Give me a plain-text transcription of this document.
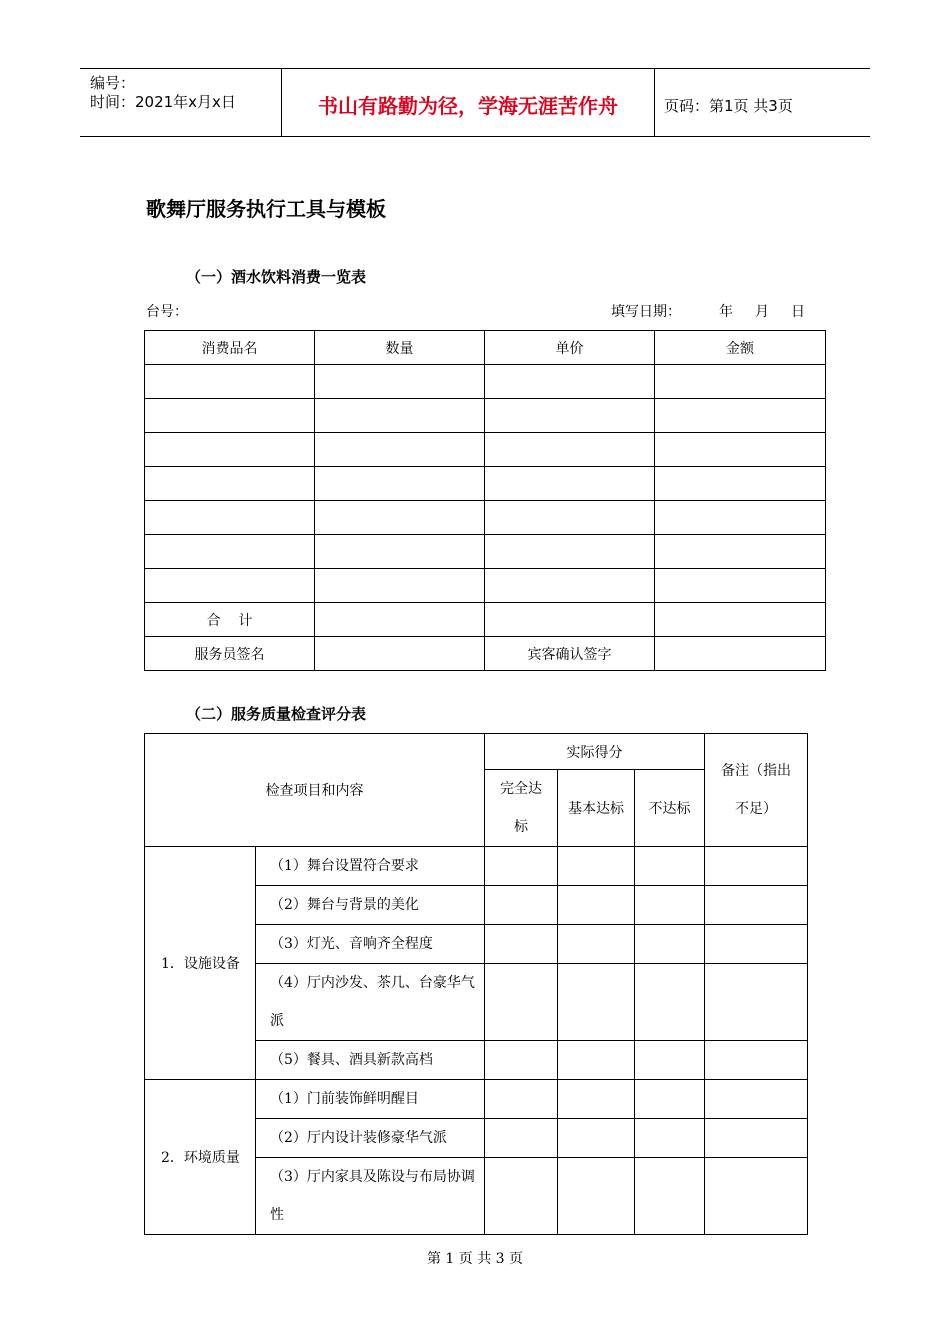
编号：
时间：2021年x月x日	书山有路勤为径，学海无涯苦作舟	页码：第1页 共3页
歌舞厅服务执行工具与模板
（一）酒水饮料消费一览表
台号：	填写日期：	年 月 日
消费品名	数量	单价	金额

合    计			
服务员签名		宾客确认签字	
（二）服务质量检查评分表
检查项目和内容		实际得分			备注（指出不足）
		完全达标	基本达标	不达标	
1．设施设备	（1）舞台设置符合要求				
	（2）舞台与背景的美化				
	（3）灯光、音响齐全程度				
	（4）厅内沙发、茶几、台豪华气派				
	（5）餐具、酒具新款高档				
2．环境质量	（1）门前装饰鲜明醒目				
	（2）厅内设计装修豪华气派				
	（3）厅内家具及陈设与布局协调性				
第 1 页 共 3 页
